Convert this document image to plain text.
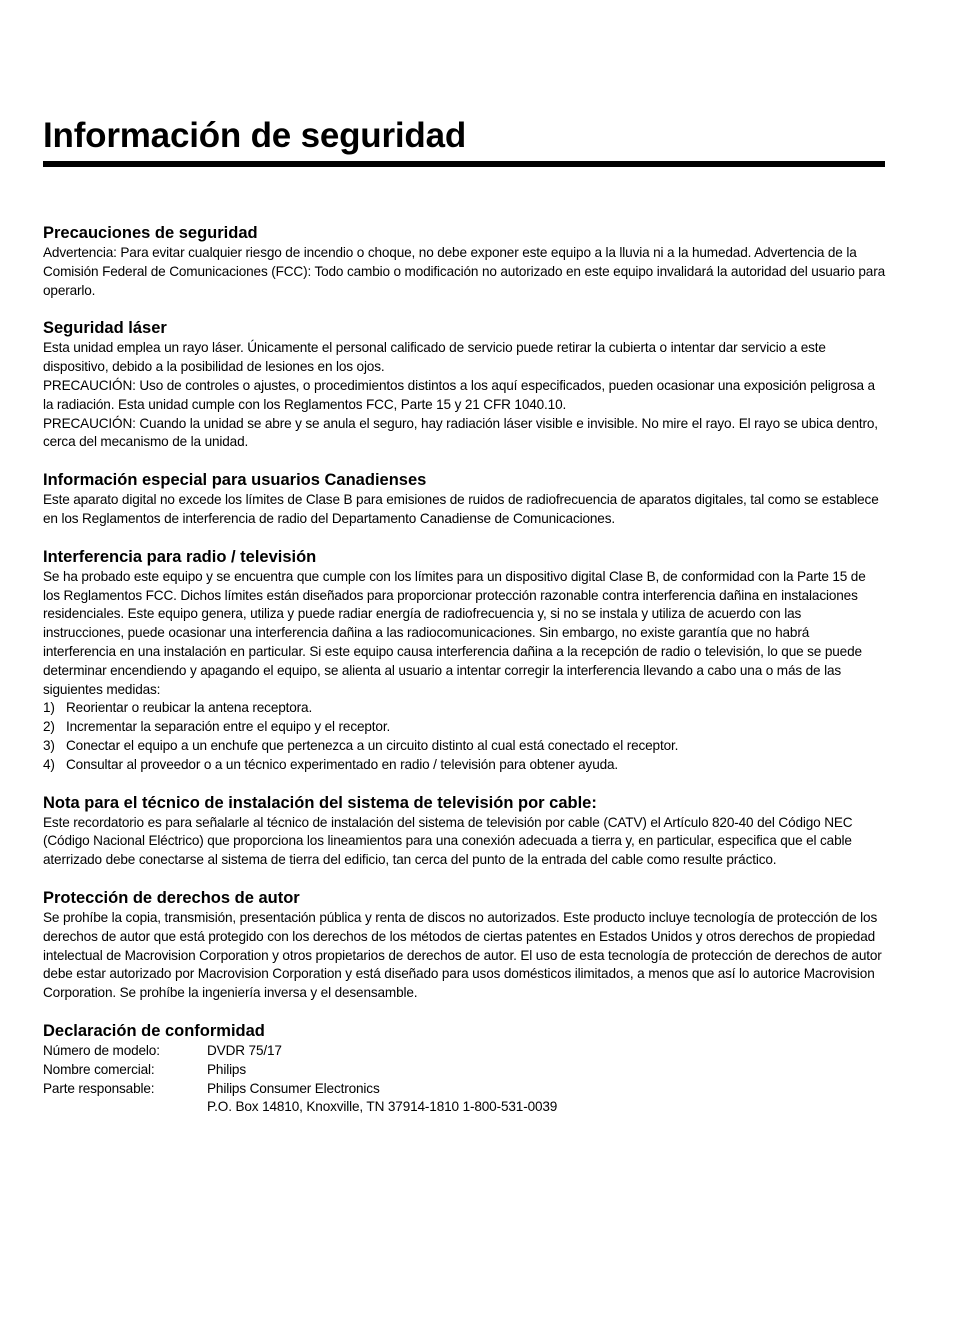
Información de seguridad
Precauciones de seguridad

Advertencia: Para evitar cualquier riesgo de incendio o choque, no debe exponer este equipo a la lluvia ni a la humedad. Advertencia de la Comisión Federal de Comunicaciones (FCC): Todo cambio o modificación no autorizado en este equipo invalidará la autoridad del usuario para operarlo.

Seguridad láser

Esta unidad emplea un rayo láser. Únicamente el personal calificado de servicio puede retirar la cubierta o intentar dar servicio a este dispositivo, debido a la posibilidad de lesiones en los ojos.

PRECAUCIÓN: Uso de controles o ajustes, o procedimientos distintos a los aquí especificados, pueden ocasionar una exposición peligrosa a la radiación. Esta unidad cumple con los Reglamentos FCC, Parte 15 y 21 CFR 1040.10.

PRECAUCIÓN: Cuando la unidad se abre y se anula el seguro, hay radiación láser visible e invisible. No mire el rayo. El rayo se ubica dentro, cerca del mecanismo de la unidad.

Información especial para usuarios Canadienses

Este aparato digital no excede los límites de Clase B para emisiones de ruidos de radiofrecuencia de aparatos digitales, tal como se establece en los Reglamentos de interferencia de radio del Departamento Canadiense de Comunicaciones.

Interferencia para radio / televisión

Se ha probado este equipo y se encuentra que cumple con los límites para un dispositivo digital Clase B, de conformidad con la Parte 15 de los Reglamentos FCC. Dichos límites están diseñados para proporcionar protección razonable contra interferencia dañina en instalaciones residenciales. Este equipo genera, utiliza y puede radiar energía de radiofrecuencia y, si no se instala y utiliza de acuerdo con las instrucciones, puede ocasionar una interferencia dañina a las radiocomunicaciones. Sin embargo, no existe garantía que no habrá interferencia en una instalación en particular. Si este equipo causa interferencia dañina a la recepción de radio o televisión, lo que se puede determinar encendiendo y apagando el equipo, se alienta al usuario a intentar corregir la interferencia llevando a cabo una o más de las siguientes medidas:

1) Reorientar o reubicar la antena receptora.
2) Incrementar la separación entre el equipo y el receptor.
3) Conectar el equipo a un enchufe que pertenezca a un circuito distinto al cual está conectado el receptor.
4) Consultar al proveedor o a un técnico experimentado en radio / televisión para obtener ayuda.
Nota para el técnico de instalación del sistema de televisión por cable:

Este recordatorio es para señalarle al técnico de instalación del sistema de televisión por cable (CATV) el Artículo 820-40 del Código NEC (Código Nacional Eléctrico) que proporciona los lineamientos para una conexión adecuada a tierra y, en particular, especifica que el cable aterrizado debe conectarse al sistema de tierra del edificio, tan cerca del punto de la entrada del cable como resulte práctico.

Protección de derechos de autor

Se prohíbe la copia, transmisión, presentación pública y renta de discos no autorizados. Este producto incluye tecnología de protección de los derechos de autor que está protegido con los derechos de los métodos de ciertas patentes en Estados Unidos y otros derechos de propiedad intelectual de Macrovision Corporation y otros propietarios de derechos de autor. El uso de esta tecnología de protección de derechos de autor debe estar autorizado por Macrovision Corporation y está diseñado para usos domésticos ilimitados, a menos que así lo autorice Macrovision Corporation. Se prohíbe la ingeniería inversa y el desensamble.

Declaración de conformidad
Número de modelo:	DVDR 75/17
Nombre comercial:	Philips
Parte responsable:	Philips Consumer Electronics
	P.O. Box 14810, Knoxville, TN 37914-1810 1-800-531-0039
